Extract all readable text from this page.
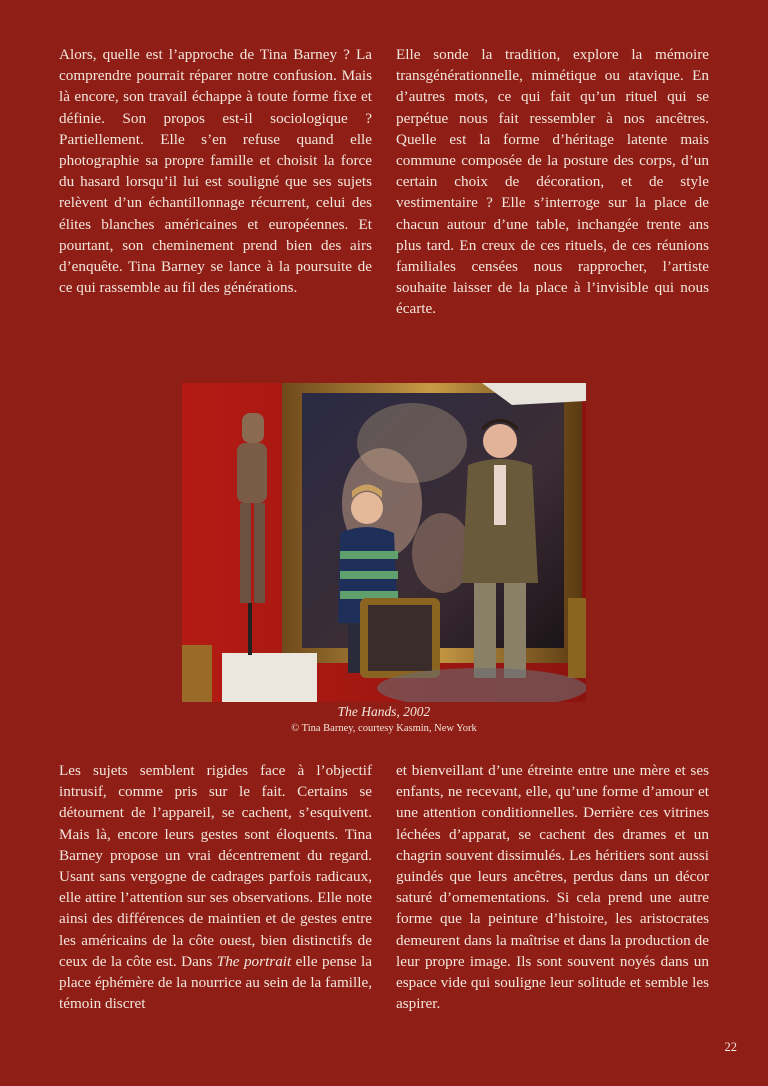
Alors, quelle est l’approche de Tina Barney ? La comprendre pourrait réparer notre confusion. Mais là encore, son travail échappe à toute forme fixe et définie. Son propos est-il sociologique ? Partiellement. Elle s’en refuse quand elle photographie sa propre famille et choisit la force du hasard lorsqu’il lui est souligné que ses sujets relèvent d’un échantillonnage récurrent, celui des élites blanches américaines et européennes. Et pourtant, son cheminement prend bien des airs d’enquête. Tina Barney se lance à la poursuite de ce qui rassemble au fil des générations.
Elle sonde la tradition, explore la mémoire transgénérationnelle, mimétique ou atavique. En d’autres mots, ce qui fait qu’un rituel qui se perpétue nous fait ressembler à nos ancêtres. Quelle est la forme d’héritage latente mais commune composée de la posture des corps, d’un certain choix de décoration, et de style vestimentaire ? Elle s’interroge sur la place de chacun autour d’une table, inchangée trente ans plus tard. En creux de ces rituels, de ces réunions familiales censées nous rapprocher, l’artiste souhaite laisser de la place à l’invisible qui nous écarte.
The Hands, 2002
© Tina Barney, courtesy Kasmin, New York
Les sujets semblent rigides face à l’objectif intrusif, comme pris sur le fait. Certains se détournent de l’appareil, se cachent, s’esquivent. Mais là, encore leurs gestes sont éloquents. Tina Barney propose un vrai décentrement du regard. Usant sans vergogne de cadrages parfois radicaux, elle attire l’attention sur ses observations. Elle note ainsi des différences de maintien et de gestes entre les américains de la côte ouest, bien distinctifs de ceux de la côte est. Dans The portrait elle pense la place éphémère de la nourrice au sein de la famille, témoin discret
et bienveillant d’une étreinte entre une mère et ses enfants, ne recevant, elle, qu’une forme d’amour et une attention conditionnelles. Derrière ces vitrines léchées d’apparat, se cachent des drames et un chagrin souvent dissimulés. Les héritiers sont aussi guindés que leurs ancêtres, perdus dans un décor saturé d’ornementations. Si cela prend une autre forme que la peinture d’histoire, les aristocrates demeurent dans la maîtrise et dans la production de leur propre image. Ils sont souvent noyés dans un espace vide qui souligne leur solitude et semble les aspirer.
22
